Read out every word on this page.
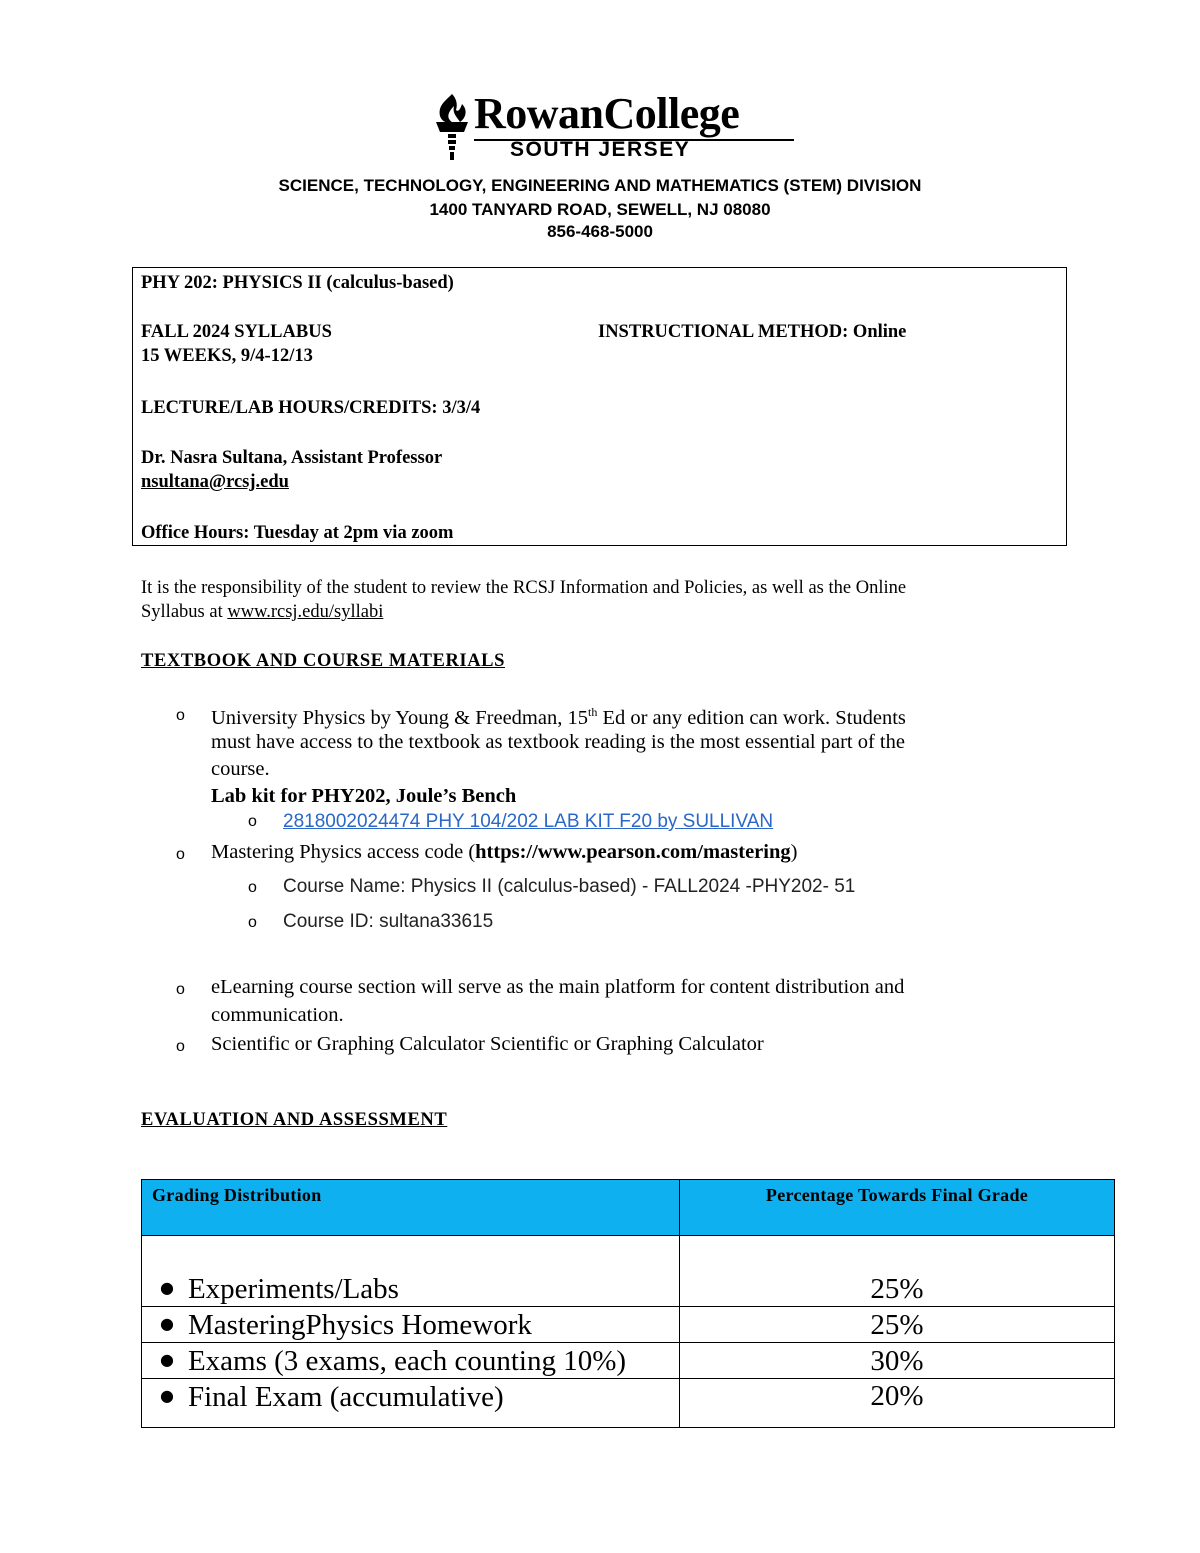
RowanCollege
SOUTH JERSEY
SCIENCE, TECHNOLOGY, ENGINEERING AND MATHEMATICS (STEM) DIVISION
1400 TANYARD ROAD, SEWELL, NJ 08080
856-468-5000
PHY 202: PHYSICS II (calculus-based)
FALL 2024 SYLLABUS	INSTRUCTIONAL METHOD: Online
15 WEEKS, 9/4-12/13
LECTURE/LAB HOURS/CREDITS: 3/3/4
Dr. Nasra Sultana, Assistant Professor
nsultana@rcsj.edu
Office Hours: Tuesday at 2pm via zoom
It is the responsibility of the student to review the RCSJ Information and Policies, as well as the Online
Syllabus at www.rcsj.edu/syllabi
TEXTBOOK AND COURSE MATERIALS
o University Physics by Young & Freedman, 15th Ed or any edition can work. Students
must have access to the textbook as textbook reading is the most essential part of the
course.
Lab kit for PHY202, Joule’s Bench
o 2818002024474 PHY 104/202 LAB KIT F20 by SULLIVAN
o Mastering Physics access code (https://www.pearson.com/mastering)
o Course Name: Physics II (calculus-based) - FALL2024 -PHY202- 51
o Course ID: sultana33615
o eLearning course section will serve as the main platform for content distribution and
communication.
o Scientific or Graphing Calculator Scientific or Graphing Calculator
EVALUATION AND ASSESSMENT
Grading Distribution	Percentage Towards Final Grade
● Experiments/Labs	25%
● MasteringPhysics Homework	25%
● Exams (3 exams, each counting 10%)	30%
● Final Exam (accumulative)	20%
